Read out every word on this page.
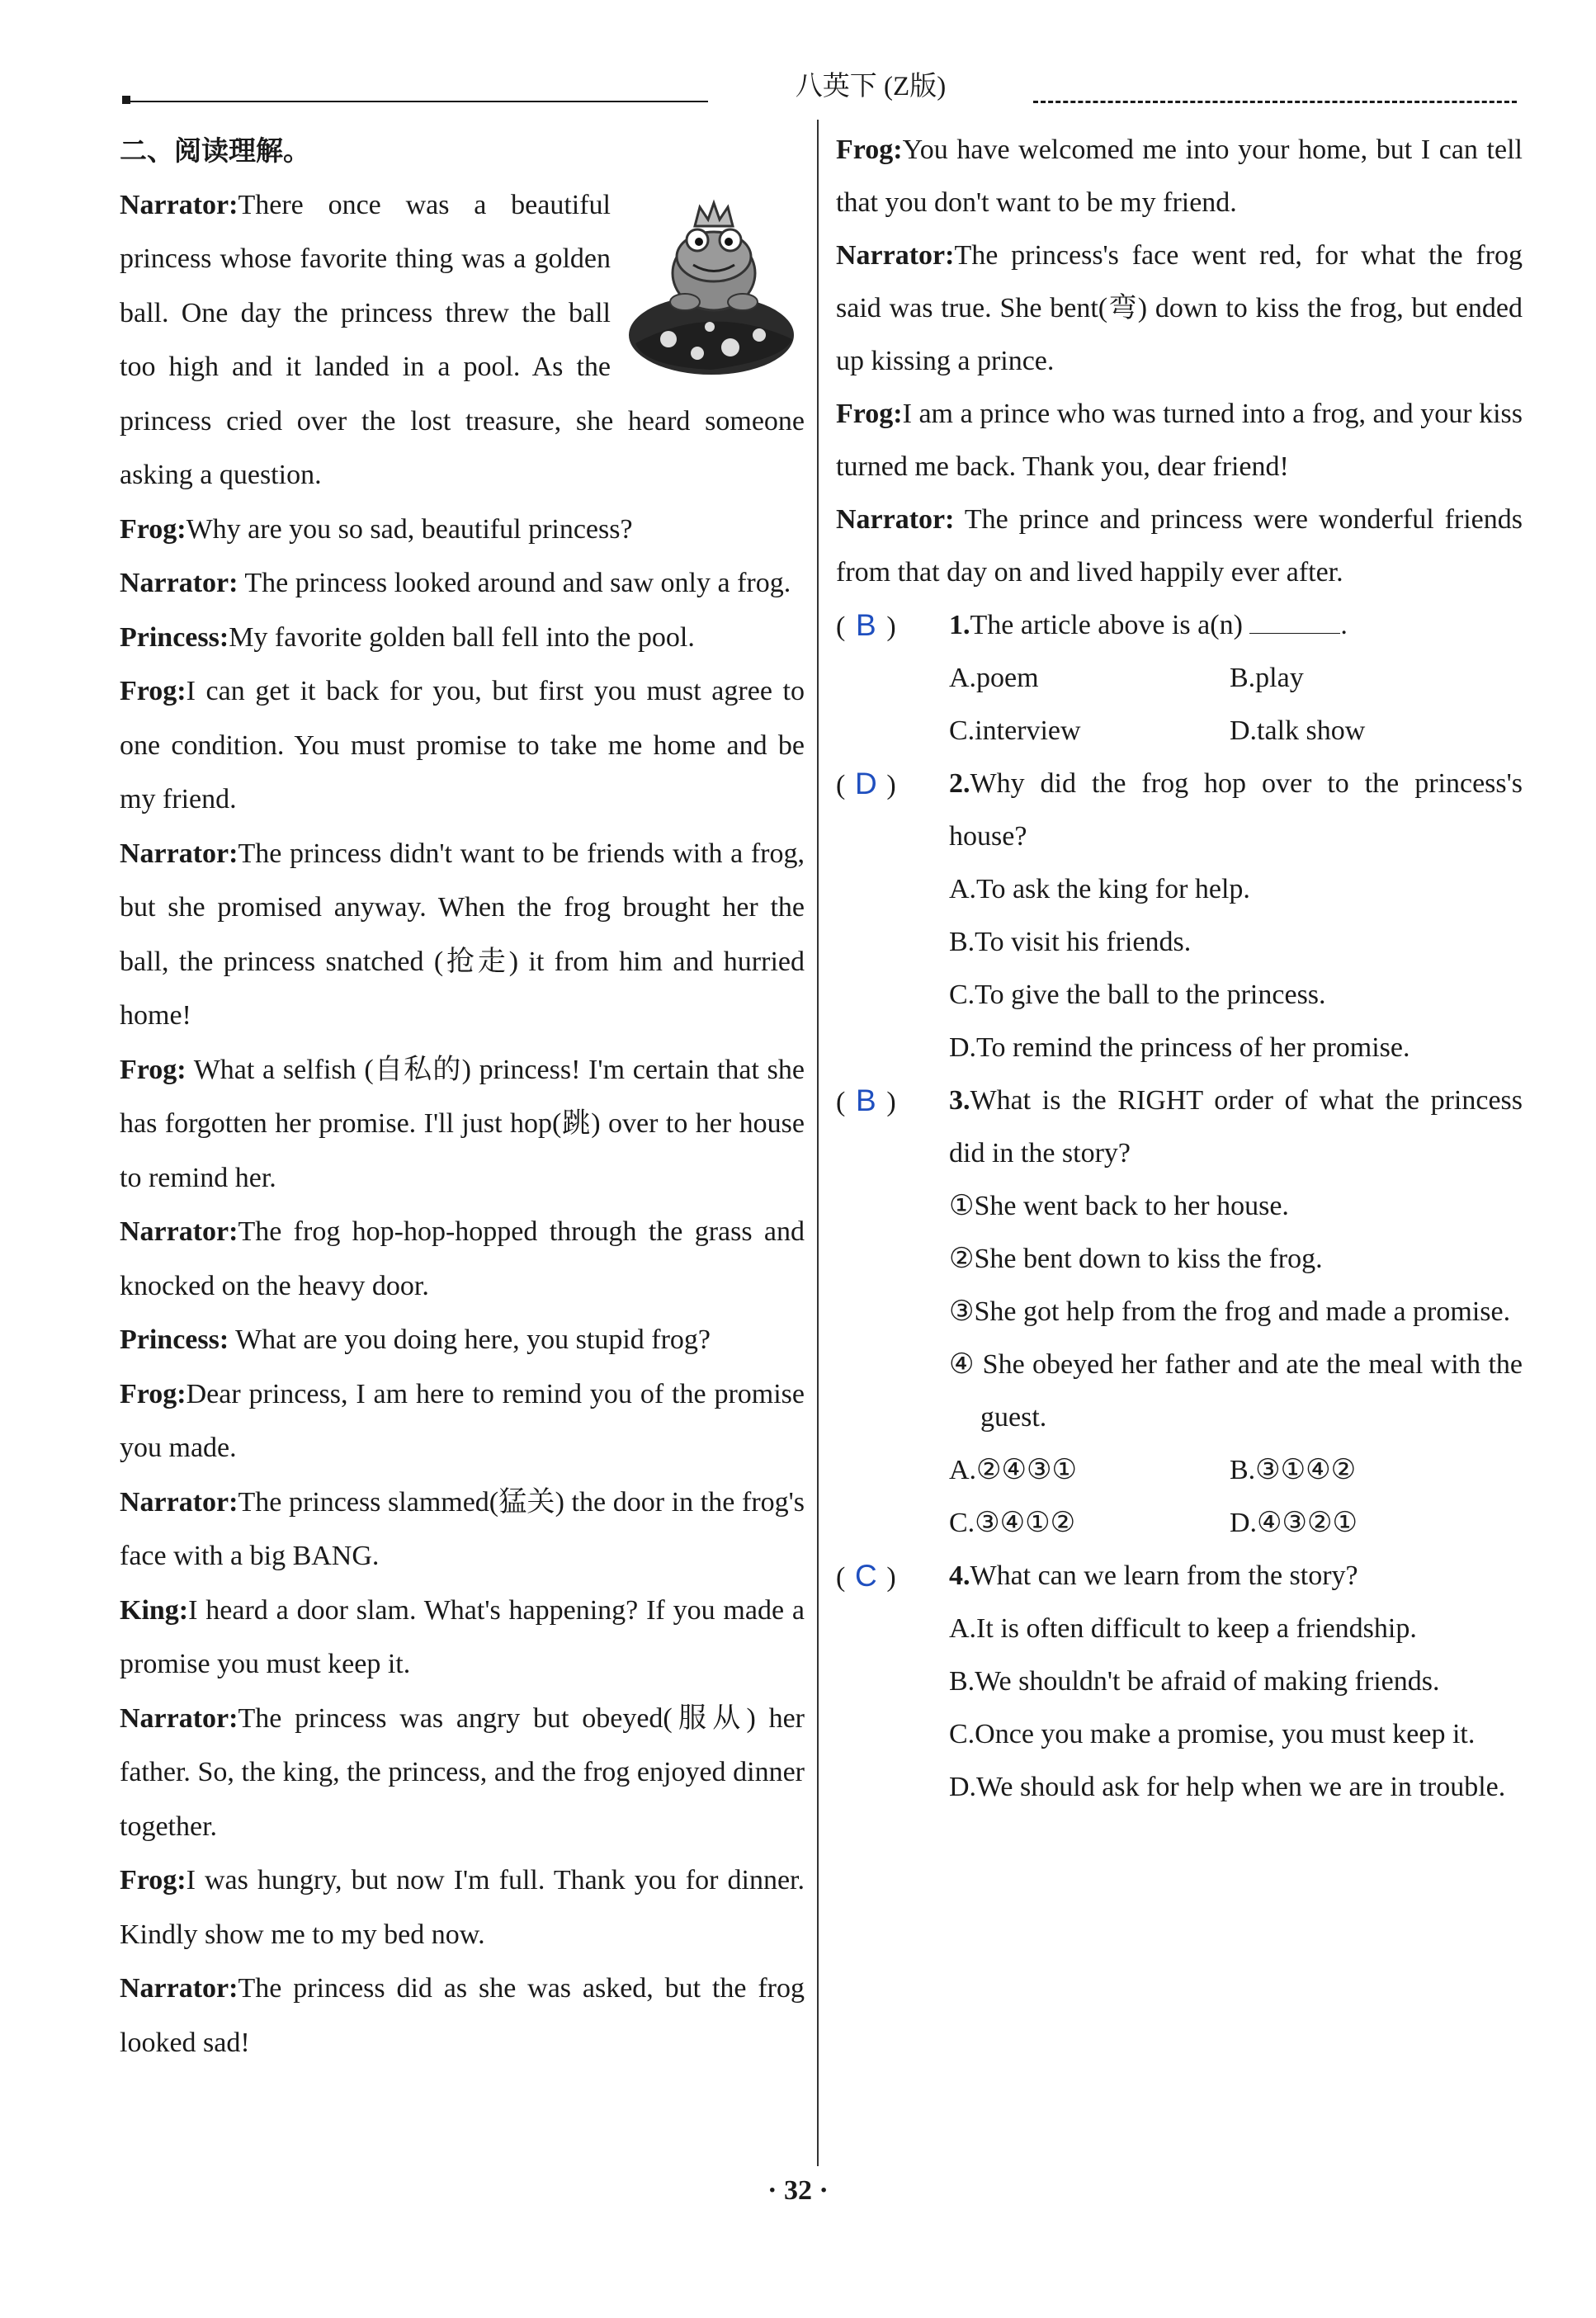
八英下 (Z版)
二、阅读理解。

Narrator:There once was a beautiful princess whose favorite thing was a golden ball. One day the princess threw the ball too high and it landed in a pool. As the princess cried over the lost treasure, she heard someone asking a question.

Frog:Why are you so sad, beautiful princess?

Narrator: The princess looked around and saw only a frog.

Princess:My favorite golden ball fell into the pool.

Frog:I can get it back for you, but first you must agree to one condition. You must promise to take me home and be my friend.

Narrator:The princess didn't want to be friends with a frog, but she promised anyway. When the frog brought her the ball, the princess snatched (抢走) it from him and hurried home!

Frog: What a selfish (自私的) princess! I'm certain that she has forgotten her promise. I'll just hop(跳) over to her house to remind her.

Narrator:The frog hop-hop-hopped through the grass and knocked on the heavy door.

Princess: What are you doing here, you stupid frog?

Frog:Dear princess, I am here to remind you of the promise you made.

Narrator:The princess slammed(猛关) the door in the frog's face with a big BANG.

King:I heard a door slam. What's happening? If you made a promise you must keep it.

Narrator:The princess was angry but obeyed(服从) her father. So, the king, the princess, and the frog enjoyed dinner together.

Frog:I was hungry, but now I'm full. Thank you for dinner. Kindly show me to my bed now.

Narrator:The princess did as she was asked, but the frog looked sad!

Frog:You have welcomed me into your home, but I can tell that you don't want to be my friend.

Narrator:The princess's face went red, for what the frog said was true. She bent(弯) down to kiss the frog, but ended up kissing a prince.

Frog:I am a prince who was turned into a frog, and your kiss turned me back. Thank you, dear friend!

Narrator: The prince and princess were wonderful friends from that day on and lived happily ever after.

( B ) 1.The article above is a(n)	.
A.poem	B.play
C.interview	D.talk show
( D ) 2.Why did the frog hop over to the princess's house?
A.To ask the king for help.
B.To visit his friends.
C.To give the ball to the princess.
D.To remind the princess of her promise.
( B ) 3.What is the RIGHT order of what the princess did in the story?
①She went back to her house.
②She bent down to kiss the frog.
③She got help from the frog and made a promise.
④ She obeyed her father and ate the meal with the guest.
A.②④③①	B.③①④②
C.③④①②	D.④③②①
( C ) 4.What can we learn from the story?
A.It is often difficult to keep a friendship.
B.We shouldn't be afraid of making friends.
C.Once you make a promise, you must keep it.
D.We should ask for help when we are in trouble.
· 32 ·
